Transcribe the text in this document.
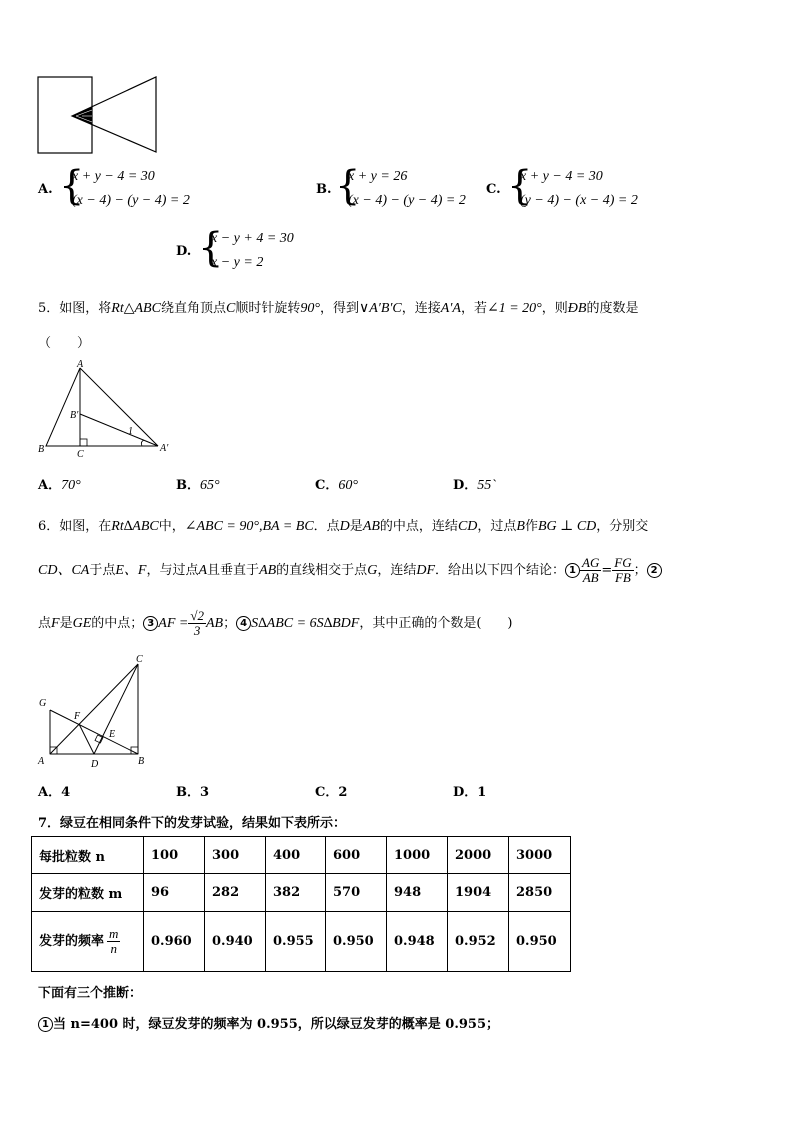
A. {
x + y − 4 = 30
(x − 4) − (y − 4) = 2
B. {
x + y = 26
(x − 4) − (y − 4) = 2
C. {
x + y − 4 = 30
(y − 4) − (x − 4) = 2
D. {
x − y + 4 = 30
x − y = 2
5．如图，将Rt△ABC绕直角顶点C顺时针旋转90°，得到∨A′B′C，连接A′A，若∠1 = 20°，则ÐB的度数是
（　　）
A
B′
B	C
A′
1
A．70°	B．65°	C．60°	D．55`
6．如图，在Rt∆ABC中，∠ABC = 90°,BA = BC．点D是AB的中点，连结CD，过点B作BG ⊥ CD，分别交
CD、CA于点E、F，与过点A且垂直于AB的直线相交于点G，连结DF．给出以下四个结论： $1 \frac{AG}{AB} = \frac{FG}{FB}$ ； 2
点F是GE的中点； 3 AF = $\frac{√2}{3}$ AB； 4 S∆ABC = 6S∆BDF，其中正确的个数是(　　)
C
G
F
E
A	D	B
A．4	B．3	C．2	D．1
7．绿豆在相同条件下的发芽试验，结果如下表所示：
每批粒数 n	100	300	400	600	1000	2000	3000
发芽的粒数 m	96	282	382	570	948	1904	2850
发芽的频率 $\frac{m}{n}$	0.960	0.940	0.955	0.950	0.948	0.952	0.950
下面有三个推断：
1 当 n=400 时，绿豆发芽的频率为 0.955，所以绿豆发芽的概率是 0.955；
